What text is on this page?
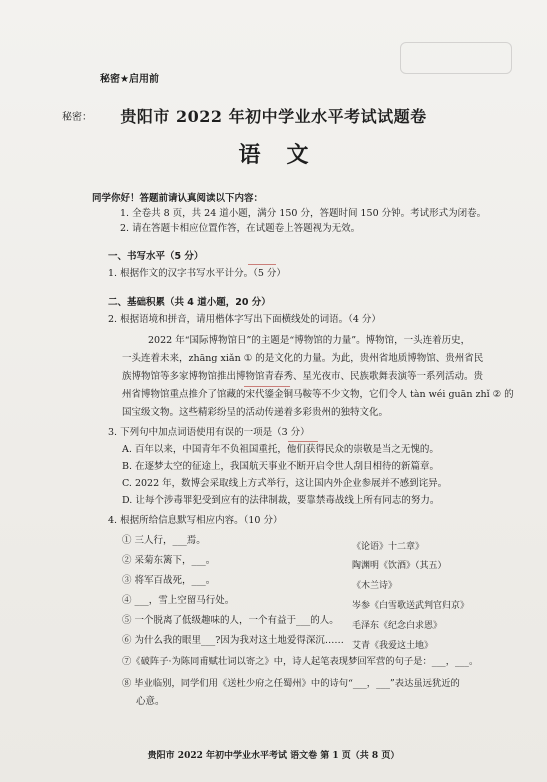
秘密★启用前
秘密：	贵阳市 2022 年初中学业水平考试试题卷
语文
同学你好！答题前请认真阅读以下内容：
1. 全卷共 8 页，共 24 道小题，满分 150 分，答题时间 150 分钟。考试形式为闭卷。
2. 请在答题卡相应位置作答，在试题卷上答题视为无效。
一、书写水平（5 分）
1. 根据作文的汉字书写水平计分。（5 分）
二、基础积累（共 4 道小题，20 分）
2. 根据语境和拼音，请用楷体字写出下面横线处的词语。（4 分）
2022 年“国际博物馆日”的主题是“博物馆的力量”。博物馆，一头连着历史，
一头连着未来，zhāng xiǎn ① 的是文化的力量。为此，贵州省地质博物馆、贵州省民
族博物馆等多家博物馆推出博物馆青春秀、星光夜市、民族歌舞表演等一系列活动。贵
州省博物馆重点推介了馆藏的宋代鎏金铜马鞍等不少文物，它们令人 tàn wéi guān zhǐ ② 的
国宝级文物。这些精彩纷呈的活动传递着多彩贵州的独特文化。
3. 下列句中加点词语使用有误的一项是（3 分）
A. 百年以来，中国青年不负祖国重托，他们获得民众的崇敬是当之无愧的。
B. 在逐梦太空的征途上，我国航天事业不断开启令世人刮目相待的新篇章。
C. 2022 年，数博会采取线上方式举行，这让国内外企业参展并不感到诧异。
D. 让每个涉毒罪犯受到应有的法律制裁，要靠禁毒战线上所有同志的努力。
4. 根据所给信息默写相应内容。（10 分）
① 三人行，___焉。
② 采菊东篱下，___。
③ 将军百战死，___。
④ ___，雪上空留马行处。
⑤ 一个脱离了低级趣味的人，一个有益于___的人。
⑥ 为什么我的眼里___?因为我对这土地爱得深沉……
⑦《破阵子·为陈同甫赋壮词以寄之》中，诗人起笔表现梦回军营的句子是：___，___。
⑧ 毕业临别，同学们用《送杜少府之任蜀州》中的诗句“___，___”表达虽远犹近的
心意。
《论语》十二章》
陶渊明《饮酒》（其五）
《木兰诗》
岑参《白雪歌送武判官归京》
毛泽东《纪念白求恩》
艾青《我爱这土地》
贵阳市 2022 年初中学业水平考试 语文卷 第 1 页（共 8 页）
